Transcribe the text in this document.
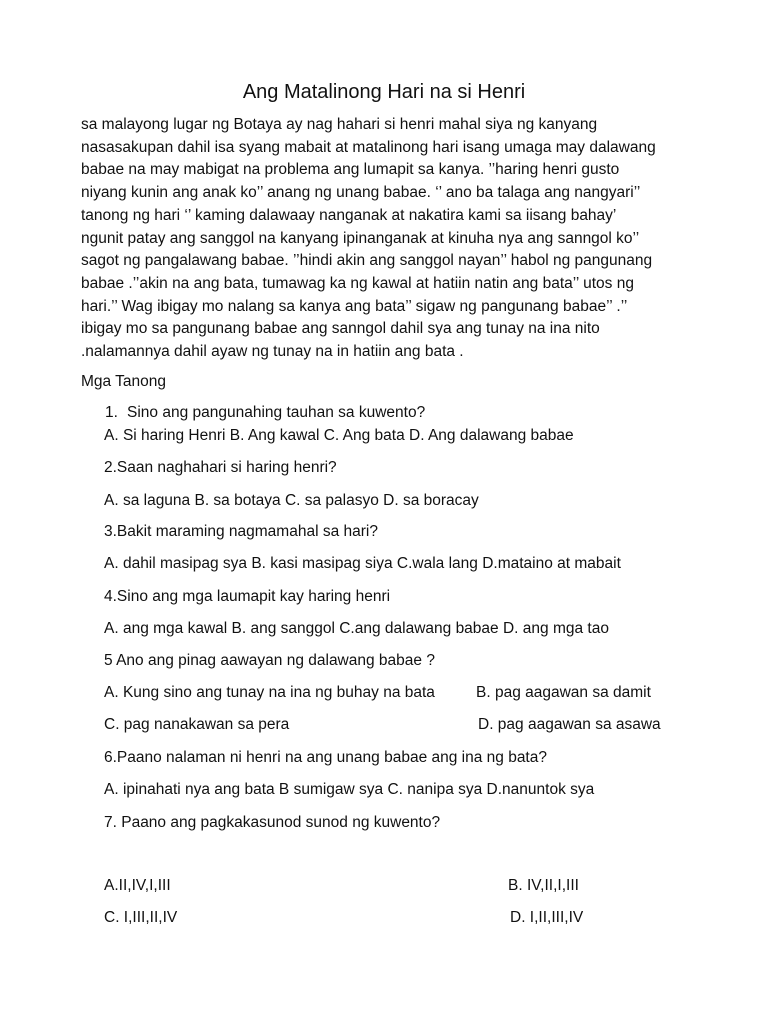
Ang Matalinong Hari na si Henri
sa malayong lugar ng Botaya ay nag hahari si henri mahal siya ng kanyang
nasasakupan dahil isa syang mabait at matalinong hari isang umaga may dalawang
babae na may mabigat na problema ang lumapit sa kanya. ’’haring henri gusto
niyang kunin ang anak ko’’ anang ng unang babae. ‘’ ano ba talaga ang nangyari’’
tanong ng hari ‘’ kaming dalawaay nanganak at nakatira kami sa iisang bahay’
ngunit patay ang sanggol na kanyang ipinanganak at kinuha nya ang sanngol ko’’
sagot ng pangalawang babae. ’’hindi akin ang sanggol nayan’’ habol ng pangunang
babae .’’akin na ang bata, tumawag ka ng kawal at hatiin natin ang bata’’ utos ng
hari.’’ Wag ibigay mo nalang sa kanya ang bata’’ sigaw ng pangunang babae’’ .’’
ibigay mo sa pangunang babae ang sanngol dahil sya ang tunay na ina nito
.nalamannya dahil ayaw ng tunay na in hatiin ang bata .
Mga Tanong
1. Sino ang pangunahing tauhan sa kuwento?
A. Si haring Henri B. Ang kawal C. Ang bata D. Ang dalawang babae
2.Saan naghahari si haring henri?
A. sa laguna B. sa botaya C. sa palasyo D. sa boracay
3.Bakit maraming nagmamahal sa hari?
A. dahil masipag sya B. kasi masipag siya C.wala lang D.mataino at mabait
4.Sino ang mga laumapit kay haring henri
A. ang mga kawal B. ang sanggol C.ang dalawang babae D. ang mga tao
5 Ano ang pinag aawayan ng dalawang babae ?
A. Kung sino ang tunay na ina ng buhay na bata	B. pag aagawan sa damit
C. pag nanakawan sa pera	D. pag aagawan sa asawa
6.Paano nalaman ni henri na ang unang babae ang ina ng bata?
A. ipinahati nya ang bata B sumigaw sya C. nanipa sya D.nanuntok sya
7. Paano ang pagkakasunod sunod ng kuwento?
A.II,IV,I,III	B. IV,II,I,III
C. I,III,II,IV	D. I,II,III,IV
